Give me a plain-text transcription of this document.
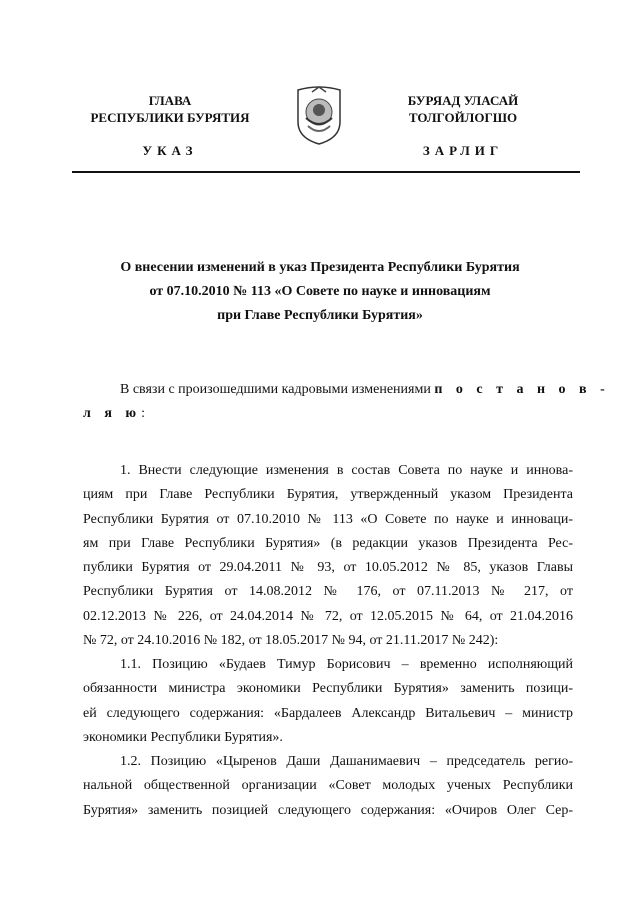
ГЛАВА
РЕСПУБЛИКИ БУРЯТИЯ
БУРЯАД УЛАСАЙ
ТОЛГОЙЛОГШО
УКАЗ	ЗАРЛИГ
О внесении изменений в указ Президента Республики Бурятия
от 07.10.2010 № 113 «О Совете по науке и инновациям
при Главе Республики Бурятия»
В связи с произошедшими кадровыми изменениями п о с т а н о в -
л я ю:
1. Внести следующие изменения в состав Совета по науке и иннова-
циям при Главе Республики Бурятия, утвержденный указом Президента
Республики Бурятия от 07.10.2010 № 113 «О Совете по науке и инноваци-
ям при Главе Республики Бурятия» (в редакции указов Президента Рес-
публики Бурятия от 29.04.2011 № 93, от 10.05.2012 № 85, указов Главы
Республики Бурятия от 14.08.2012 № 176, от 07.11.2013 № 217, от
02.12.2013 № 226, от 24.04.2014 № 72, от 12.05.2015 № 64, от 21.04.2016
№ 72, от 24.10.2016 № 182, от 18.05.2017 № 94, от 21.11.2017 № 242):
1.1. Позицию «Будаев Тимур Борисович – временно исполняющий
обязанности министра экономики Республики Бурятия» заменить позици-
ей следующего содержания: «Бардалеев Александр Витальевич – министр
экономики Республики Бурятия».
1.2. Позицию «Цыренов Даши Дашанимаевич – председатель регио-
нальной общественной организации «Совет молодых ученых Республики
Бурятия» заменить позицией следующего содержания: «Очиров Олег Сер-
